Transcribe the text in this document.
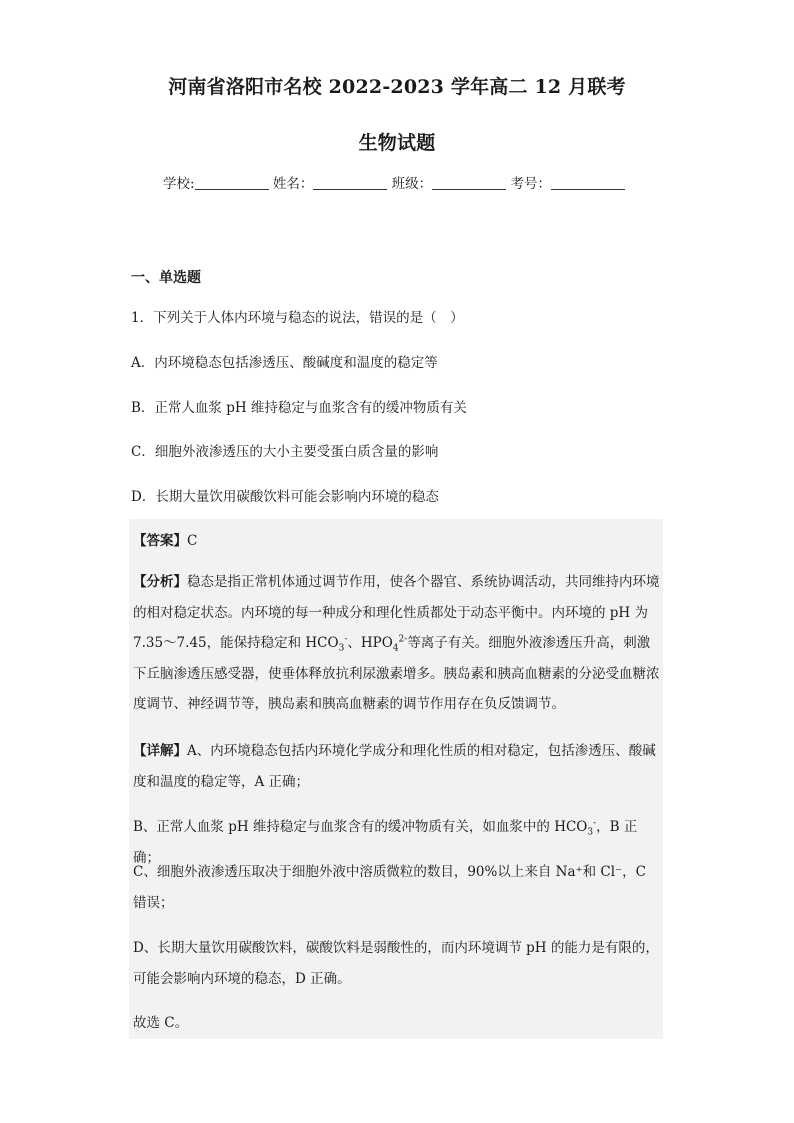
河南省洛阳市名校 2022-2023 学年高二 12 月联考
生物试题
学校:	姓名：	班级：	考号：
一、单选题
1．下列关于人体内环境与稳态的说法，错误的是（　）
A．内环境稳态包括渗透压、酸碱度和温度的稳定等
B．正常人血浆 pH 维持稳定与血浆含有的缓冲物质有关
C．细胞外液渗透压的大小主要受蛋白质含量的影响
D．长期大量饮用碳酸饮料可能会影响内环境的稳态
【答案】C
【分析】稳态是指正常机体通过调节作用，使各个器官、系统协调活动，共同维持内环境的相对稳定状态。内环境的每一种成分和理化性质都处于动态平衡中。内环境的 pH 为 7.35～7.45，能保持稳定和 $HCO_3^-$、$HPO_4^{2-}$等离子有关。细胞外液渗透压升高，刺激下丘脑渗透压感受器，使垂体释放抗利尿激素增多。胰岛素和胰高血糖素的分泌受血糖浓度调节、神经调节等，胰岛素和胰高血糖素的调节作用存在负反馈调节。
【详解】A、内环境稳态包括内环境化学成分和理化性质的相对稳定，包括渗透压、酸碱度和温度的稳定等，A 正确；
B、正常人血浆 pH 维持稳定与血浆含有的缓冲物质有关，如血浆中的 $HCO_3^-$，B 正确；
C、细胞外液渗透压取决于细胞外液中溶质微粒的数目，90%以上来自 Na⁺和 Cl⁻，C 错误；
D、长期大量饮用碳酸饮料，碳酸饮料是弱酸性的，而内环境调节 pH 的能力是有限的，可能会影响内环境的稳态，D 正确。
故选 C。
